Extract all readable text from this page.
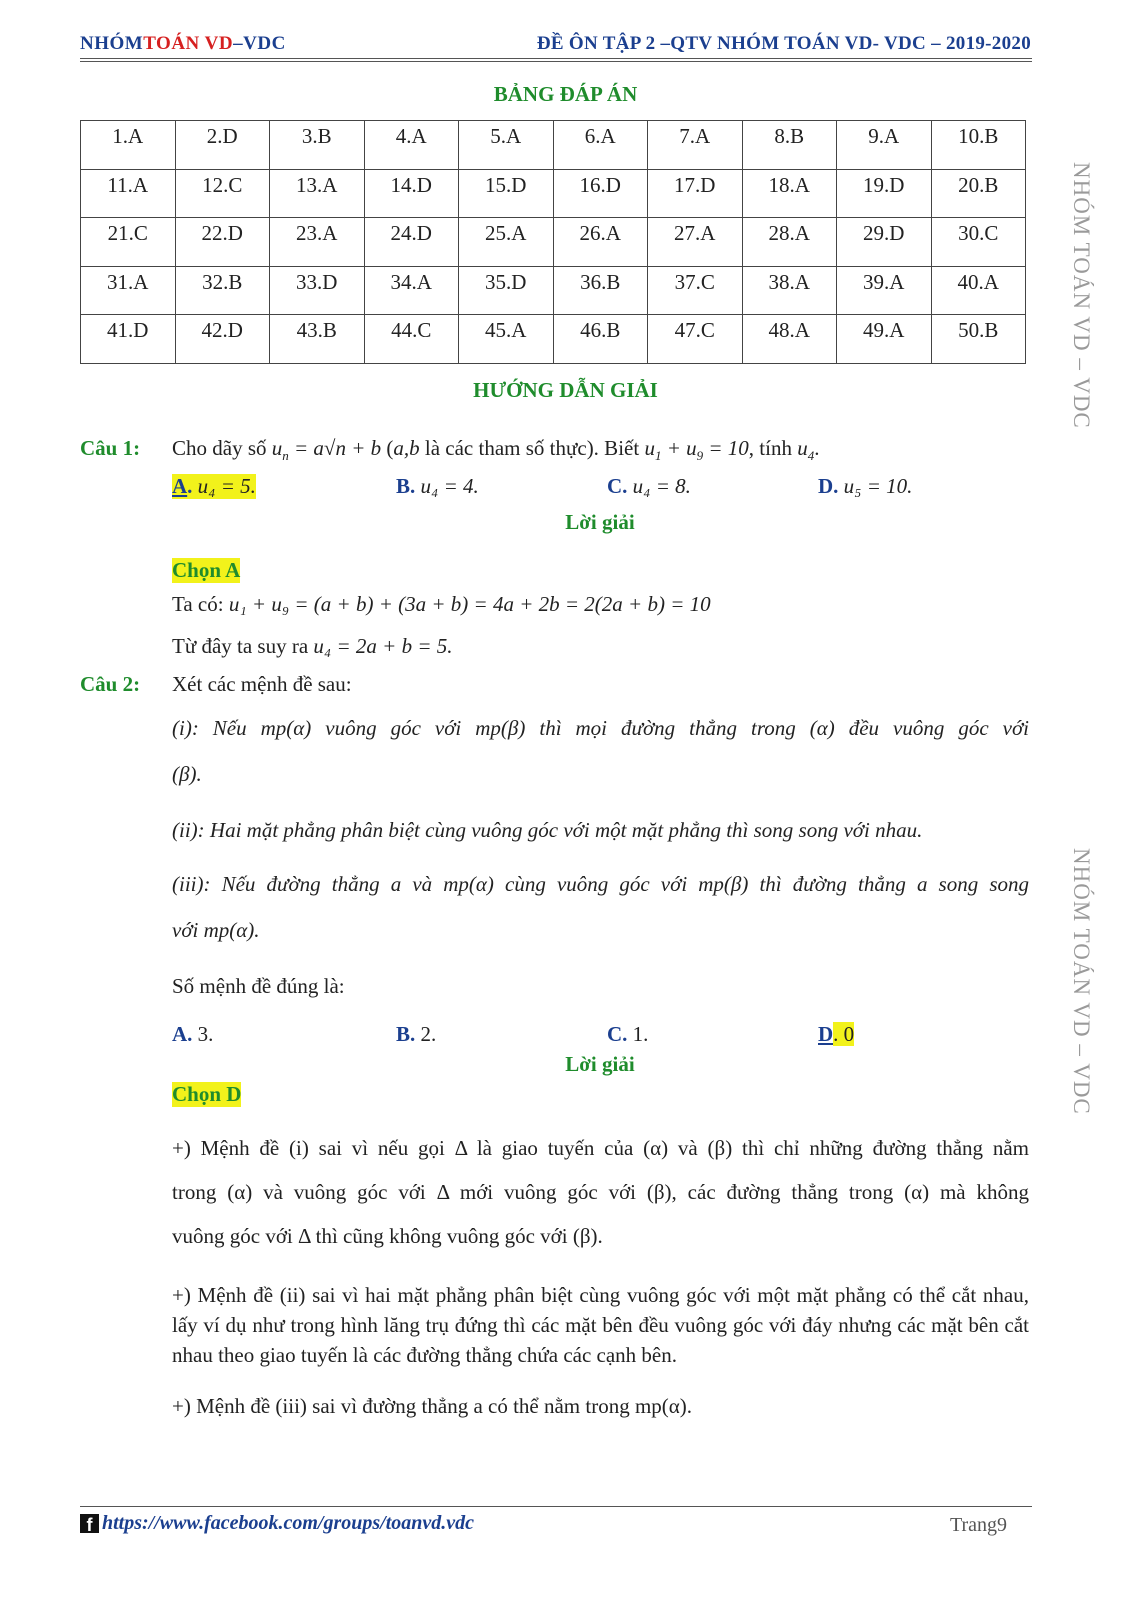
NHÓMTOÁN VD–VDC	ĐỀ ÔN TẬP 2 –QTV NHÓM TOÁN VD- VDC – 2019-2020
NHÓM TOÁN VD – VDC
NHÓM TOÁN VD – VDC
BẢNG ĐÁP ÁN
1.A	2.D	3.B	4.A	5.A	6.A	7.A	8.B	9.A	10.B
11.A	12.C	13.A	14.D	15.D	16.D	17.D	18.A	19.D	20.B
21.C	22.D	23.A	24.D	25.A	26.A	27.A	28.A	29.D	30.C
31.A	32.B	33.D	34.A	35.D	36.B	37.C	38.A	39.A	40.A
41.D	42.D	43.B	44.C	45.A	46.B	47.C	48.A	49.A	50.B
HƯỚNG DẪN GIẢI
Câu 1: Cho dãy số $u_n = a√n + b$ (a,b là các tham số thực). Biết $u_1 + u_9 = 10$, tính $u_4$.
A. u₄ = 5.	B. u₄ = 4.	C. u₄ = 8.	D. u₅ = 10.
Lời giải
Chọn A
Ta có: u₁ + u₉ = (a + b) + (3a + b) = 4a + 2b = 2(2a + b) = 10
Từ đây ta suy ra u₄ = 2a + b = 5.
Câu 2: Xét các mệnh đề sau:
(i): Nếu mp(α) vuông góc với mp(β) thì mọi đường thẳng trong (α) đều vuông góc với
(β).
(ii): Hai mặt phẳng phân biệt cùng vuông góc với một mặt phẳng thì song song với nhau.
(iii): Nếu đường thẳng a và mp(α) cùng vuông góc với mp(β) thì đường thẳng a song song
với mp(α).
Số mệnh đề đúng là:
A. 3.	B. 2.	C. 1.	D. 0
Lời giải
Chọn D
+) Mệnh đề (i) sai vì nếu gọi Δ là giao tuyến của (α) và (β) thì chỉ những đường thẳng nằm
trong (α) và vuông góc với Δ mới vuông góc với (β), các đường thẳng trong (α) mà không
vuông góc với Δ thì cũng không vuông góc với (β).
+) Mệnh đề (ii) sai vì hai mặt phẳng phân biệt cùng vuông góc với một mặt phẳng có thể cắt nhau, lấy ví dụ như trong hình lăng trụ đứng thì các mặt bên đều vuông góc với đáy nhưng các mặt bên cắt nhau theo giao tuyến là các đường thẳng chứa các cạnh bên.
+) Mệnh đề (iii) sai vì đường thẳng a có thể nằm trong mp(α).
f https://www.facebook.com/groups/toanvd.vdc	Trang9
